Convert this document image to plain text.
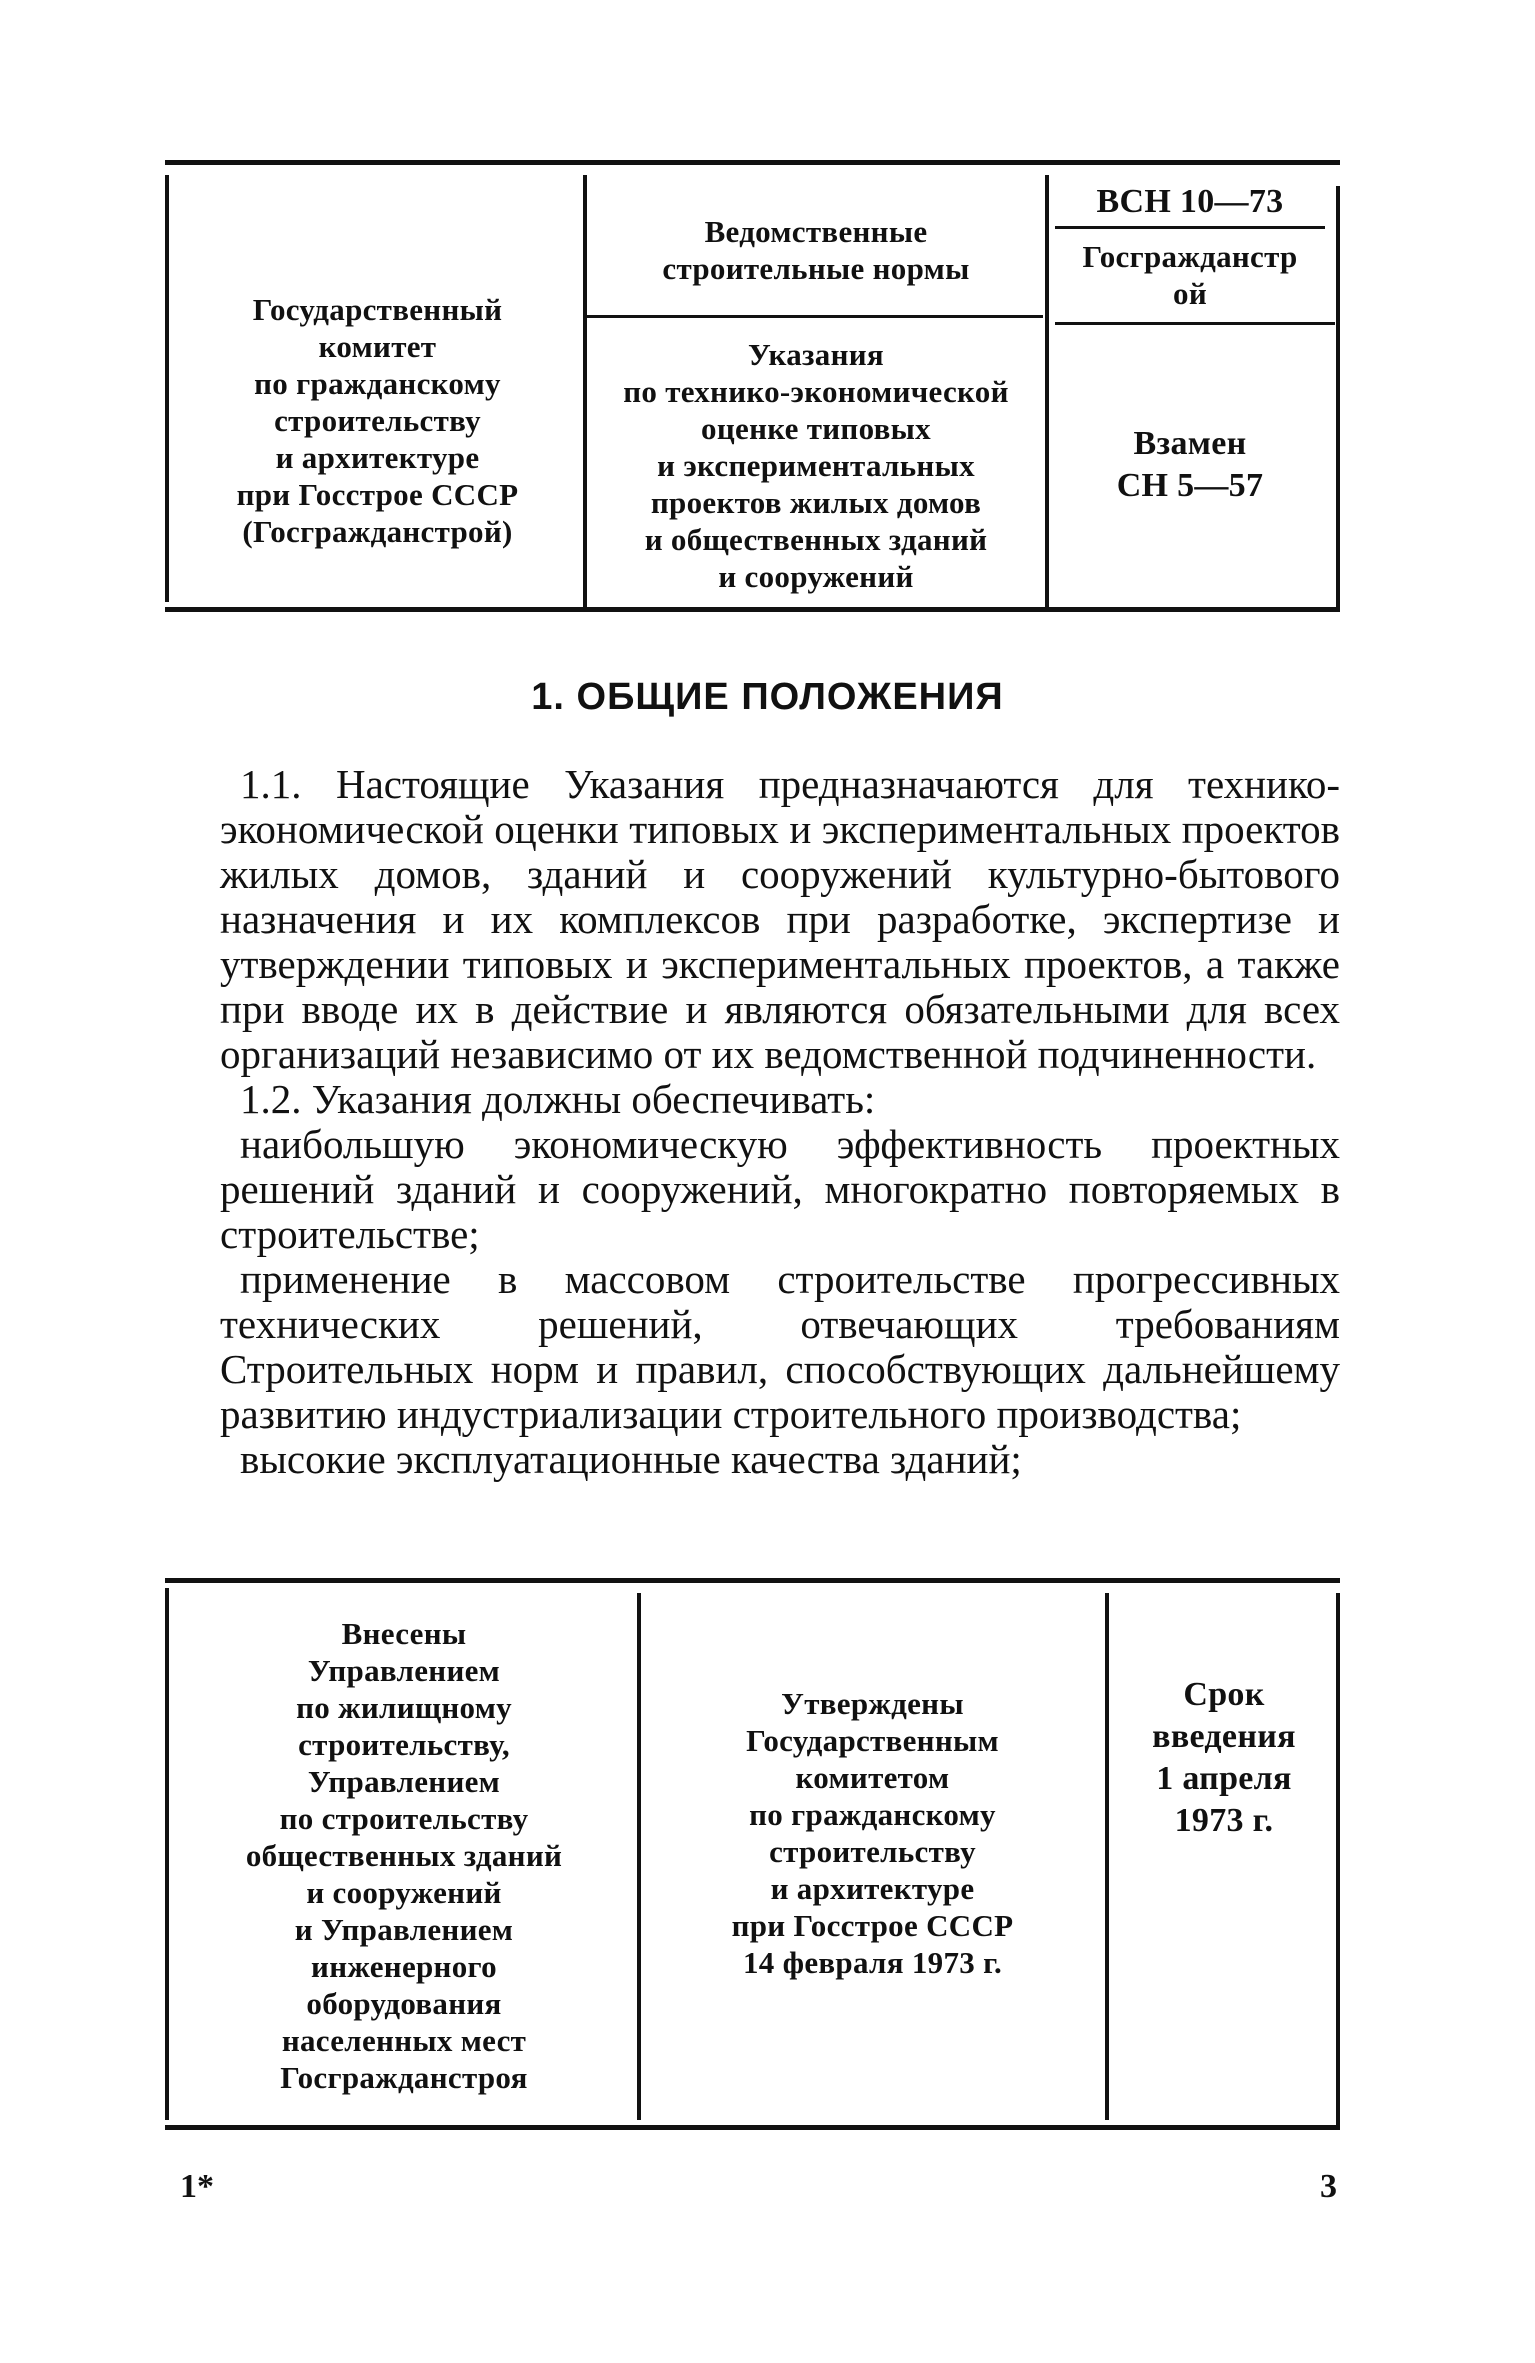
Государственный
комитет
по гражданскому
строительству
и архитектуре
при Госстрое СССР
(Госгражданстрой)
Ведомственные
строительные нормы
Указания
по технико-экономической
оценке типовых
и экспериментальных
проектов жилых домов
и общественных зданий
и сооружений
ВСН 10—73
Госгражданстрой
Взамен
СН 5—57
1. ОБЩИЕ ПОЛОЖЕНИЯ

1.1. Настоящие Указания предназначаются для технико-экономической оценки типовых и экспериментальных проектов жилых домов, зданий и сооружений культурно-бытового назначения и их комплексов при разработке, экспертизе и утверждении типовых и экспериментальных проектов, а также при вводе их в действие и являются обязательными для всех организаций независимо от их ведомственной подчиненности.

1.2. Указания должны обеспечивать:

наибольшую экономическую эффективность проектных решений зданий и сооружений, многократно повторяемых в строительстве;

применение в массовом строительстве прогрессивных технических решений, отвечающих требованиям Строительных норм и правил, способствующих дальнейшему развитию индустриализации строительного производства;

высокие эксплуатационные качества зданий;

Внесены
Управлением
по жилищному
строительству,
Управлением
по строительству
общественных зданий
и сооружений
и Управлением
инженерного
оборудования
населенных мест
Госгражданстроя
Утверждены
Государственным
комитетом
по гражданскому
строительству
и архитектуре
при Госстрое СССР
14 февраля 1973 г.
Срок
введения
1 апреля
1973 г.
1*	3
